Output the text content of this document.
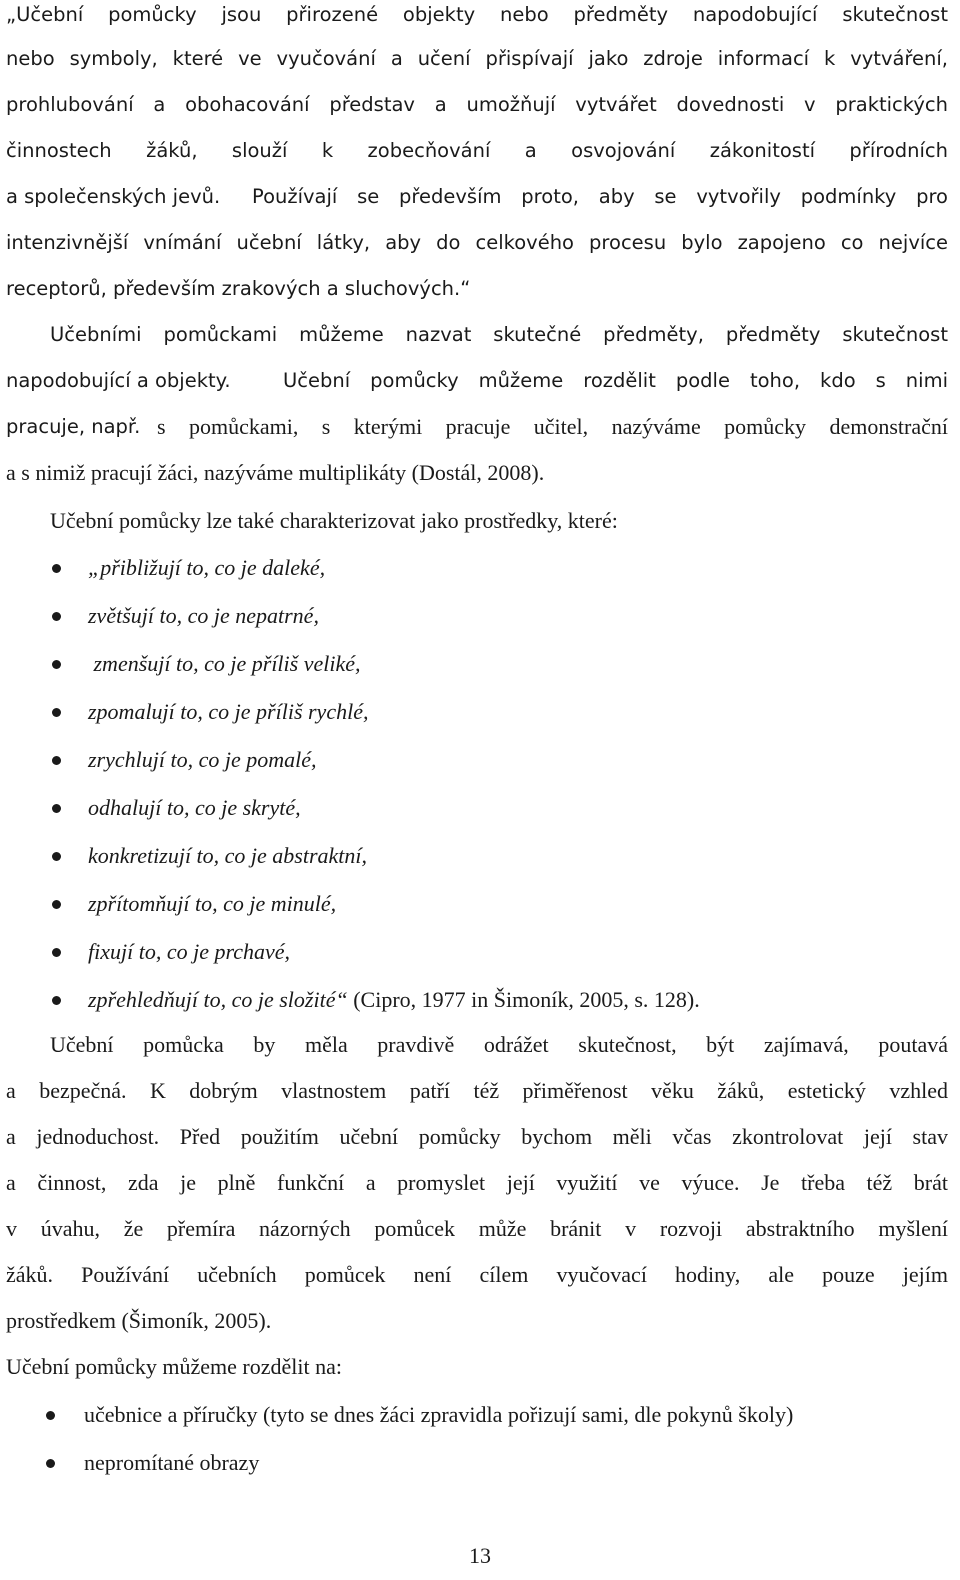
„Učební pomůcky jsou přirozené objekty nebo předměty napodobující skutečnost
nebo symboly, které ve vyučování a učení přispívají jako zdroje informací k vytváření,
prohlubování a obohacování představ a umožňují vytvářet dovednosti v praktických
činnostech žáků, slouží k zobecňování a osvojování zákonitostí přírodních
a společenských jevů.	Používají se především proto, aby se vytvořily podmínky pro
intenzivnější vnímání učební látky, aby do celkového procesu bylo zapojeno co nejvíce
receptorů, především zrakových a sluchových.“
Učebními pomůckami můžeme nazvat skutečné předměty, předměty skutečnost
napodobující a objekty.	Učební pomůcky můžeme rozdělit podle toho, kdo s nimi
pracuje, např. s pomůckami, s kterými pracuje učitel, nazýváme pomůcky demonstrační
a s nimiž pracují žáci, nazýváme multiplikáty (Dostál, 2008).
Učební pomůcky lze také charakterizovat jako prostředky, které:
„přibližují to, co je daleké,
zvětšují to, co je nepatrné,
zmenšují to, co je příliš veliké,
zpomalují to, co je příliš rychlé,
zrychlují to, co je pomalé,
odhalují to, co je skryté,
konkretizují to, co je abstraktní,
zpřítomňují to, co je minulé,
fixují to, co je prchavé,
zpřehledňují to, co je složité“ (Cipro, 1977 in Šimoník, 2005, s. 128).
Učební pomůcka by měla pravdivě odrážet skutečnost, být zajímavá, poutavá
a bezpečná. K dobrým vlastnostem patří též přiměřenost věku žáků, estetický vzhled
a jednoduchost. Před použitím učební pomůcky bychom měli včas zkontrolovat její stav
a činnost, zda je plně funkční a promyslet její využití ve výuce. Je třeba též brát
v úvahu, že přemíra názorných pomůcek může bránit v rozvoji abstraktního myšlení
žáků. Používání učebních pomůcek není cílem vyučovací hodiny, ale pouze jejím
prostředkem (Šimoník, 2005).
Učební pomůcky můžeme rozdělit na:
učebnice a příručky (tyto se dnes žáci zpravidla pořizují sami, dle pokynů školy)
nepromítané obrazy
13
